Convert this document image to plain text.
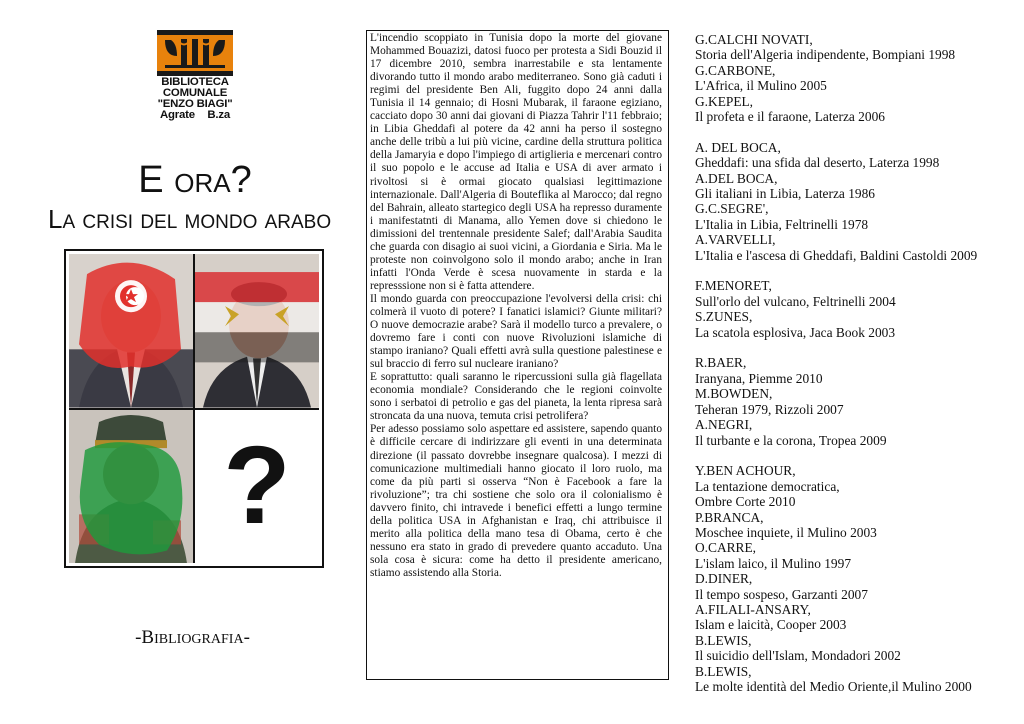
BIBLIOTECA
COMUNALE
"ENZO BIAGI"
Agrate B.za
E ORA?
LA CRISI DEL MONDO ARABO
?
-BIBLIOGRAFIA-

L'incendio scoppiato in Tunisia dopo la morte del giovane Mohammed Bouazizi, datosi fuoco per protesta a Sidi Bouzid il 17 dicembre 2010, sembra inarrestabile e sta lentamente divorando tutto il mondo arabo mediterraneo. Sono già caduti i regimi del presidente Ben Ali, fuggito dopo 24 anni dalla Tunisia il 14 gennaio; di Hosni Mubarak, il faraone egiziano, cacciato dopo 30 anni dai giovani di Piazza Tahrir l'11 febbraio; in Libia Gheddafi al potere da 42 anni ha perso il sostegno anche delle tribù a lui più vicine, cardine della struttura politica della Jamaryia e dopo l'impiego di artiglieria e mercenari contro il suo popolo e le accuse ad Italia e USA di aver armato i rivoltosi si è ormai giocato qualsiasi legittimazione internazionale. Dall'Algeria di Bouteflika al Marocco; dal regno del Bahrain, alleato startegico degli USA ha represso duramente i manifestatnti di Manama, allo Yemen dove si chiedono le dimissioni del trentennale presidente Salef; dall'Arabia Saudita che guarda con disagio ai suoi vicini, a Giordania e Siria. Ma le proteste non coinvolgono solo il mondo arabo; anche in Iran infatti l'Onda Verde è scesa nuovamente in starda e la represssione non si è fatta attendere.

Il mondo guarda con preoccupazione l'evolversi della crisi: chi colmerà il vuoto di potere? I fanatici islamici? Giunte militari? O nuove democrazie arabe? Sarà il modello turco a prevalere, o dovremo fare i conti con nuove Rivoluzioni islamiche di stampo iraniano? Quali effetti avrà sulla questione palestinese e sul braccio di ferro sul nucleare iraniano?

E soprattutto: quali saranno le ripercussioni sulla già flagellata economia mondiale? Considerando che le regioni coinvolte sono i serbatoi di petrolio e gas del pianeta, la lenta ripresa sarà stroncata da una nuova, temuta crisi petrolifera?

Per adesso possiamo solo aspettare ed assistere, sapendo quanto è difficile cercare di indirizzare gli eventi in una determinata direzione (il passato dovrebbe insegnare qualcosa). I mezzi di comunicazione multimediali hanno giocato il loro ruolo, ma come da più parti si osserva “Non è Facebook a fare la rivoluzione”; tra chi sostiene che solo ora il colonialismo è davvero finito, chi intravede i benefici effetti a lungo termine della politica USA in Afghanistan e Iraq, chi attribuisce il merito alla politica della mano tesa di Obama, certo è che nessuno era stato in grado di prevedere quanto accaduto. Una sola cosa è sicura: come ha detto il presidente americano, stiamo assistendo alla Storia.

G.CALCHI NOVATI,
Storia dell'Algeria indipendente, Bompiani 1998
G.CARBONE,
L'Africa, il Mulino 2005
G.KEPEL,
Il profeta e il faraone, Laterza 2006
A. DEL BOCA,
Gheddafi: una sfida dal deserto, Laterza 1998
A.DEL BOCA,
Gli italiani in Libia, Laterza 1986
G.C.SEGRE',
L'Italia in Libia, Feltrinelli 1978
A.VARVELLI,
L'Italia e l'ascesa di Gheddafi, Baldini Castoldi 2009
F.MENORET,
Sull'orlo del vulcano, Feltrinelli 2004
S.ZUNES,
La scatola esplosiva, Jaca Book 2003
R.BAER,
Iranyana, Piemme 2010
M.BOWDEN,
Teheran 1979, Rizzoli 2007
A.NEGRI,
Il turbante e la corona, Tropea 2009
Y.BEN ACHOUR,
La tentazione democratica,
Ombre Corte 2010
P.BRANCA,
Moschee inquiete, il Mulino 2003
O.CARRE,
L'islam laico, il Mulino 1997
D.DINER,
Il tempo sospeso, Garzanti 2007
A.FILALI-ANSARY,
Islam e laicità, Cooper 2003
B.LEWIS,
Il suicidio dell'Islam, Mondadori 2002
B.LEWIS,
Le molte identità del Medio Oriente,il Mulino 2000
